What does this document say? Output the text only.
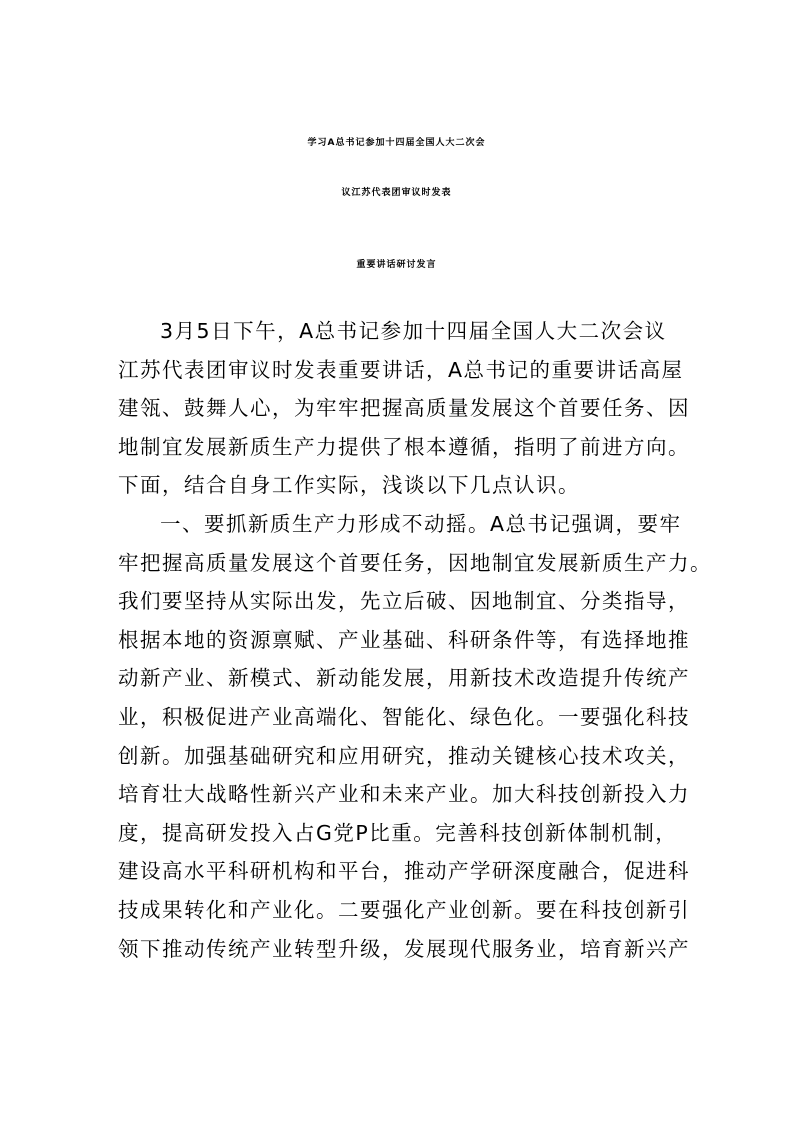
学习A总书记参加十四届全国人大二次会
议江苏代表团审议时发表
重要讲话研讨发言
3月5日下午，A总书记参加十四届全国人大二次会议
江苏代表团审议时发表重要讲话，A总书记的重要讲话高屋
建瓴、鼓舞人心，为牢牢把握高质量发展这个首要任务、因
地制宜发展新质生产力提供了根本遵循，指明了前进方向。
下面，结合自身工作实际，浅谈以下几点认识。
一、要抓新质生产力形成不动摇。A总书记强调，要牢
牢把握高质量发展这个首要任务，因地制宜发展新质生产力。
我们要坚持从实际出发，先立后破、因地制宜、分类指导，
根据本地的资源禀赋、产业基础、科研条件等，有选择地推
动新产业、新模式、新动能发展，用新技术改造提升传统产
业，积极促进产业高端化、智能化、绿色化。一要强化科技
创新。加强基础研究和应用研究，推动关键核心技术攻关，
培育壮大战略性新兴产业和未来产业。加大科技创新投入力
度，提高研发投入占G党P比重。完善科技创新体制机制，
建设高水平科研机构和平台，推动产学研深度融合，促进科
技成果转化和产业化。二要强化产业创新。要在科技创新引
领下推动传统产业转型升级，发展现代服务业，培育新兴产
